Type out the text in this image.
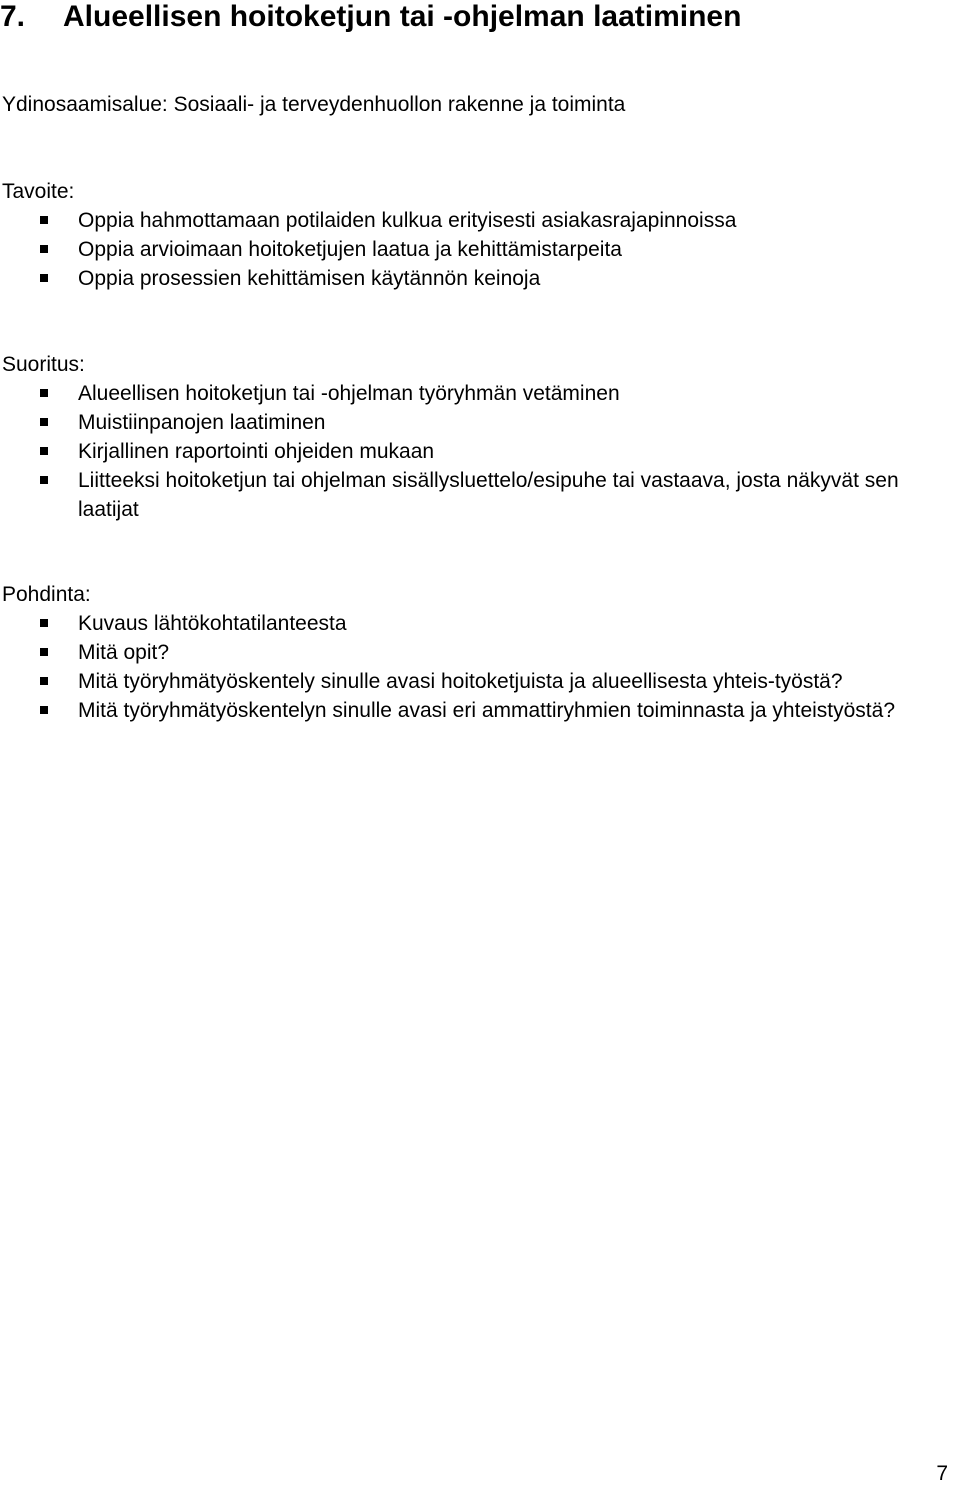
7. Alueellisen hoitoketjun tai -ohjelman laatiminen
Ydinosaamisalue: Sosiaali- ja terveydenhuollon rakenne ja toiminta
Tavoite:
Oppia hahmottamaan potilaiden kulkua erityisesti asiakasrajapinnoissa
Oppia arvioimaan hoitoketjujen laatua ja kehittämistarpeita
Oppia prosessien kehittämisen käytännön keinoja
Suoritus:
Alueellisen hoitoketjun tai -ohjelman työryhmän vetäminen
Muistiinpanojen laatiminen
Kirjallinen raportointi ohjeiden mukaan
Liitteeksi hoitoketjun tai ohjelman sisällysluettelo/esipuhe tai vastaava, josta näkyvät sen laatijat
Pohdinta:
Kuvaus lähtökohtatilanteesta
Mitä opit?
Mitä työryhmätyöskentely sinulle avasi hoitoketjuista ja alueellisesta yhteis-työstä?
Mitä työryhmätyöskentelyn sinulle avasi eri ammattiryhmien toiminnasta ja yhteistyöstä?
7
